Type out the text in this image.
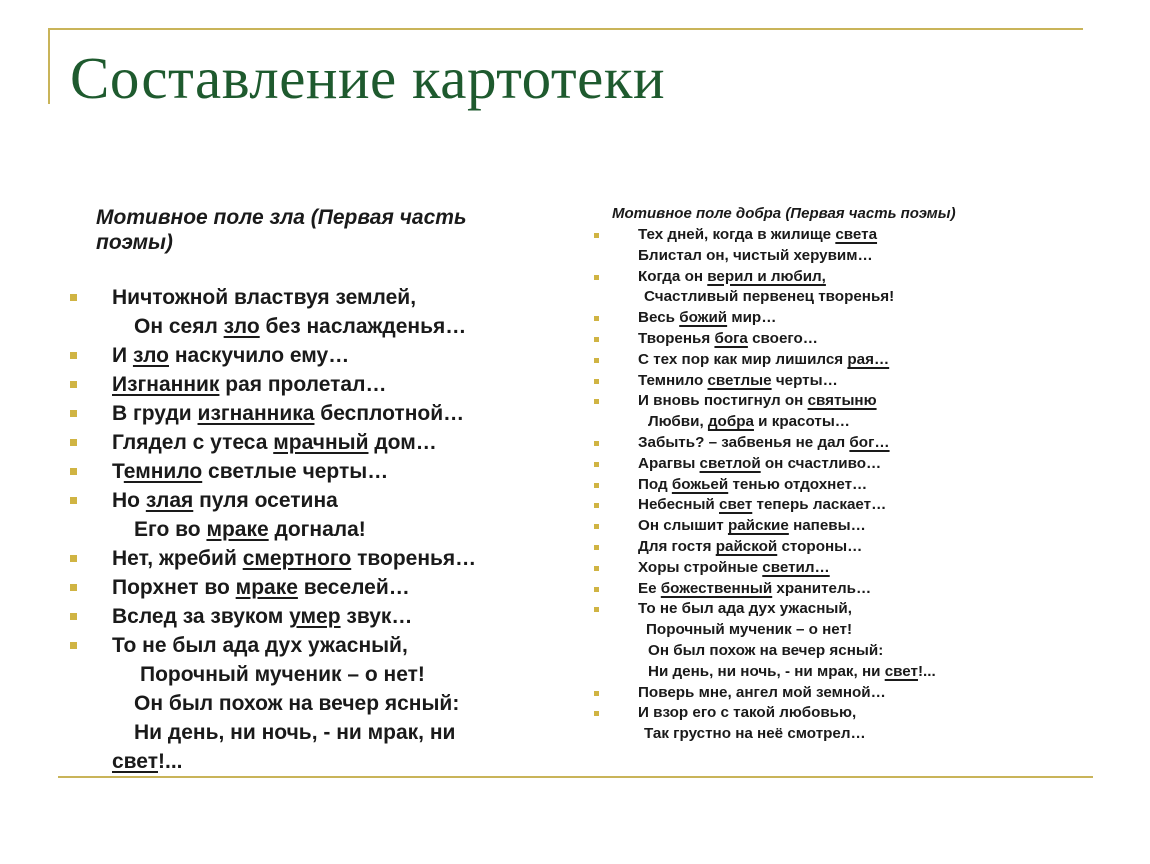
Составление картотеки
Мотивное поле зла (Первая часть поэмы)
Ничтожной властвуя землей,
Он сеял зло без наслажденья…
И зло наскучило ему…
Изгнанник рая пролетал…
В груди изгнанника бесплотной…
Глядел с утеса мрачный дом…
Темнило светлые черты…
Но злая пуля осетина
Его во мраке догнала!
Нет, жребий смертного творенья…
Порхнет во мраке веселей…
Вслед за звуком умер звук…
То не был ада дух ужасный,
Порочный мученик – о нет!
Он был похож на вечер ясный:
Ни день, ни ночь, - ни мрак, ни
свет!...
Мотивное поле добра (Первая часть поэмы)
Тех дней, когда в жилище света
Блистал он, чистый херувим…
Когда он верил и любил,
Счастливый первенец творенья!
Весь божий мир…
Творенья бога своего…
С тех пор как мир лишился рая…
Темнило светлые черты…
И вновь постигнул он святыню
Любви, добра и красоты…
Забыть? – забвенья не дал бог…
Арагвы светлой он счастливо…
Под божьей тенью отдохнет…
Небесный свет теперь ласкает…
Он слышит райские напевы…
Для гостя райской стороны…
Хоры стройные светил…
Ее божественный хранитель…
То не был ада дух ужасный,
Порочный мученик – о нет!
Он был похож на вечер ясный:
Ни день, ни ночь, - ни мрак, ни свет!...
Поверь мне, ангел мой земной…
И взор его с такой любовью,
Так грустно на неё смотрел…
